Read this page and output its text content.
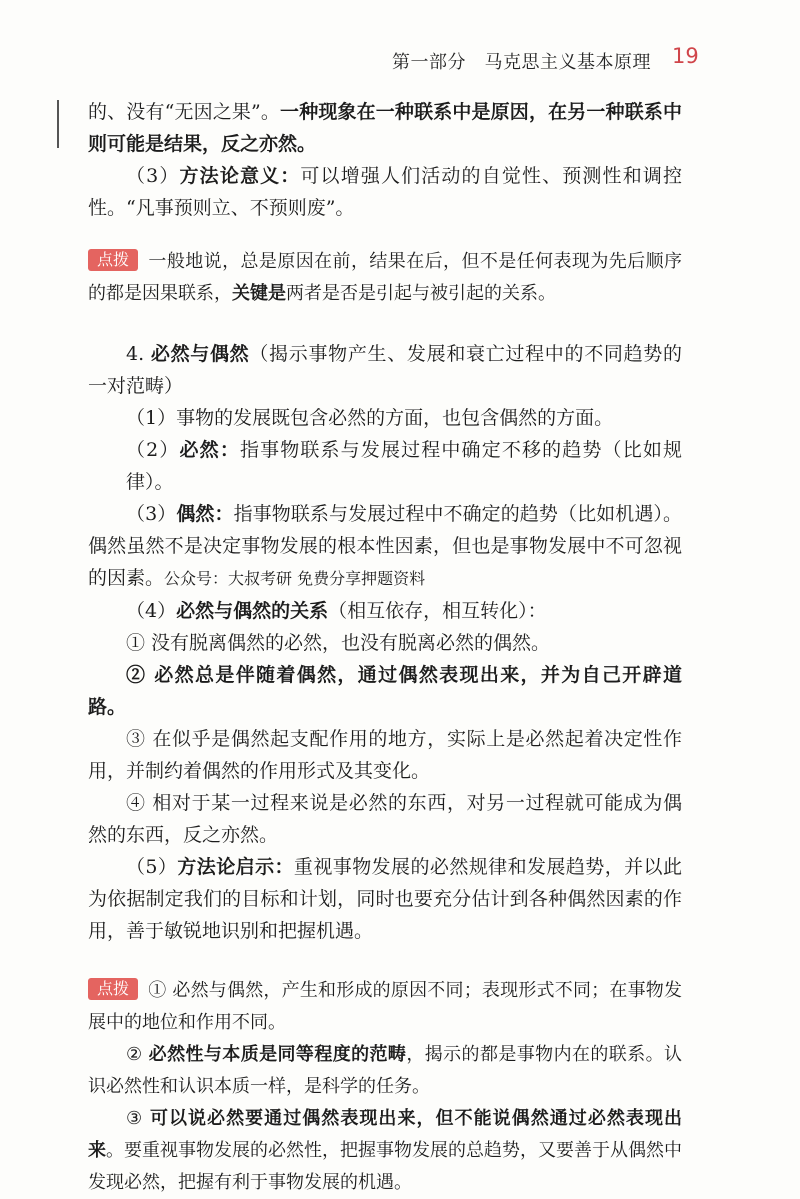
第一部分　马克思主义基本原理 19

的、没有“无因之果”。一种现象在一种联系中是原因，在另一种联系中则可能是结果，反之亦然。

（3）方法论意义：可以增强人们活动的自觉性、预测性和调控性。“凡事预则立、不预则废”。

点拨 一般地说，总是原因在前，结果在后，但不是任何表现为先后顺序的都是因果联系，关键是两者是否是引起与被引起的关系。

4. 必然与偶然（揭示事物产生、发展和衰亡过程中的不同趋势的一对范畴）

（1）事物的发展既包含必然的方面，也包含偶然的方面。

（2）必然：指事物联系与发展过程中确定不移的趋势（比如规律）。

（3）偶然：指事物联系与发展过程中不确定的趋势（比如机遇）。偶然虽然不是决定事物发展的根本性因素，但也是事物发展中不可忽视的因素。公众号：大叔考研 免费分享押题资料

（4）必然与偶然的关系（相互依存，相互转化）：

① 没有脱离偶然的必然，也没有脱离必然的偶然。

② 必然总是伴随着偶然，通过偶然表现出来，并为自己开辟道路。

③ 在似乎是偶然起支配作用的地方，实际上是必然起着决定性作用，并制约着偶然的作用形式及其变化。

④ 相对于某一过程来说是必然的东西，对另一过程就可能成为偶然的东西，反之亦然。

（5）方法论启示：重视事物发展的必然规律和发展趋势，并以此为依据制定我们的目标和计划，同时也要充分估计到各种偶然因素的作用，善于敏锐地识别和把握机遇。

点拨 ① 必然与偶然，产生和形成的原因不同；表现形式不同；在事物发展中的地位和作用不同。

② 必然性与本质是同等程度的范畴，揭示的都是事物内在的联系。认识必然性和认识本质一样，是科学的任务。

③ 可以说必然要通过偶然表现出来，但不能说偶然通过必然表现出来。要重视事物发展的必然性，把握事物发展的总趋势，又要善于从偶然中发现必然，把握有利于事物发展的机遇。
